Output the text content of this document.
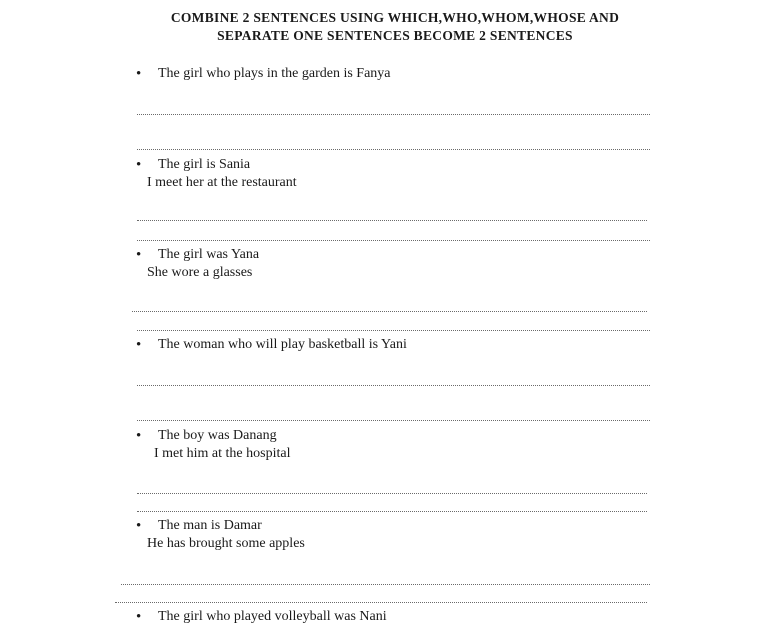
COMBINE 2 SENTENCES USING WHICH,WHO,WHOM,WHOSE AND
SEPARATE ONE SENTENCES BECOME 2 SENTENCES
• The girl who plays in the garden is Fanya
• The girl is Sania
I meet her at the restaurant
• The girl was Yana
She wore a glasses
• The woman who will play basketball is Yani
• The boy was Danang
I met him at the hospital
• The man is Damar
He has brought some apples
• The girl who played volleyball was Nani
